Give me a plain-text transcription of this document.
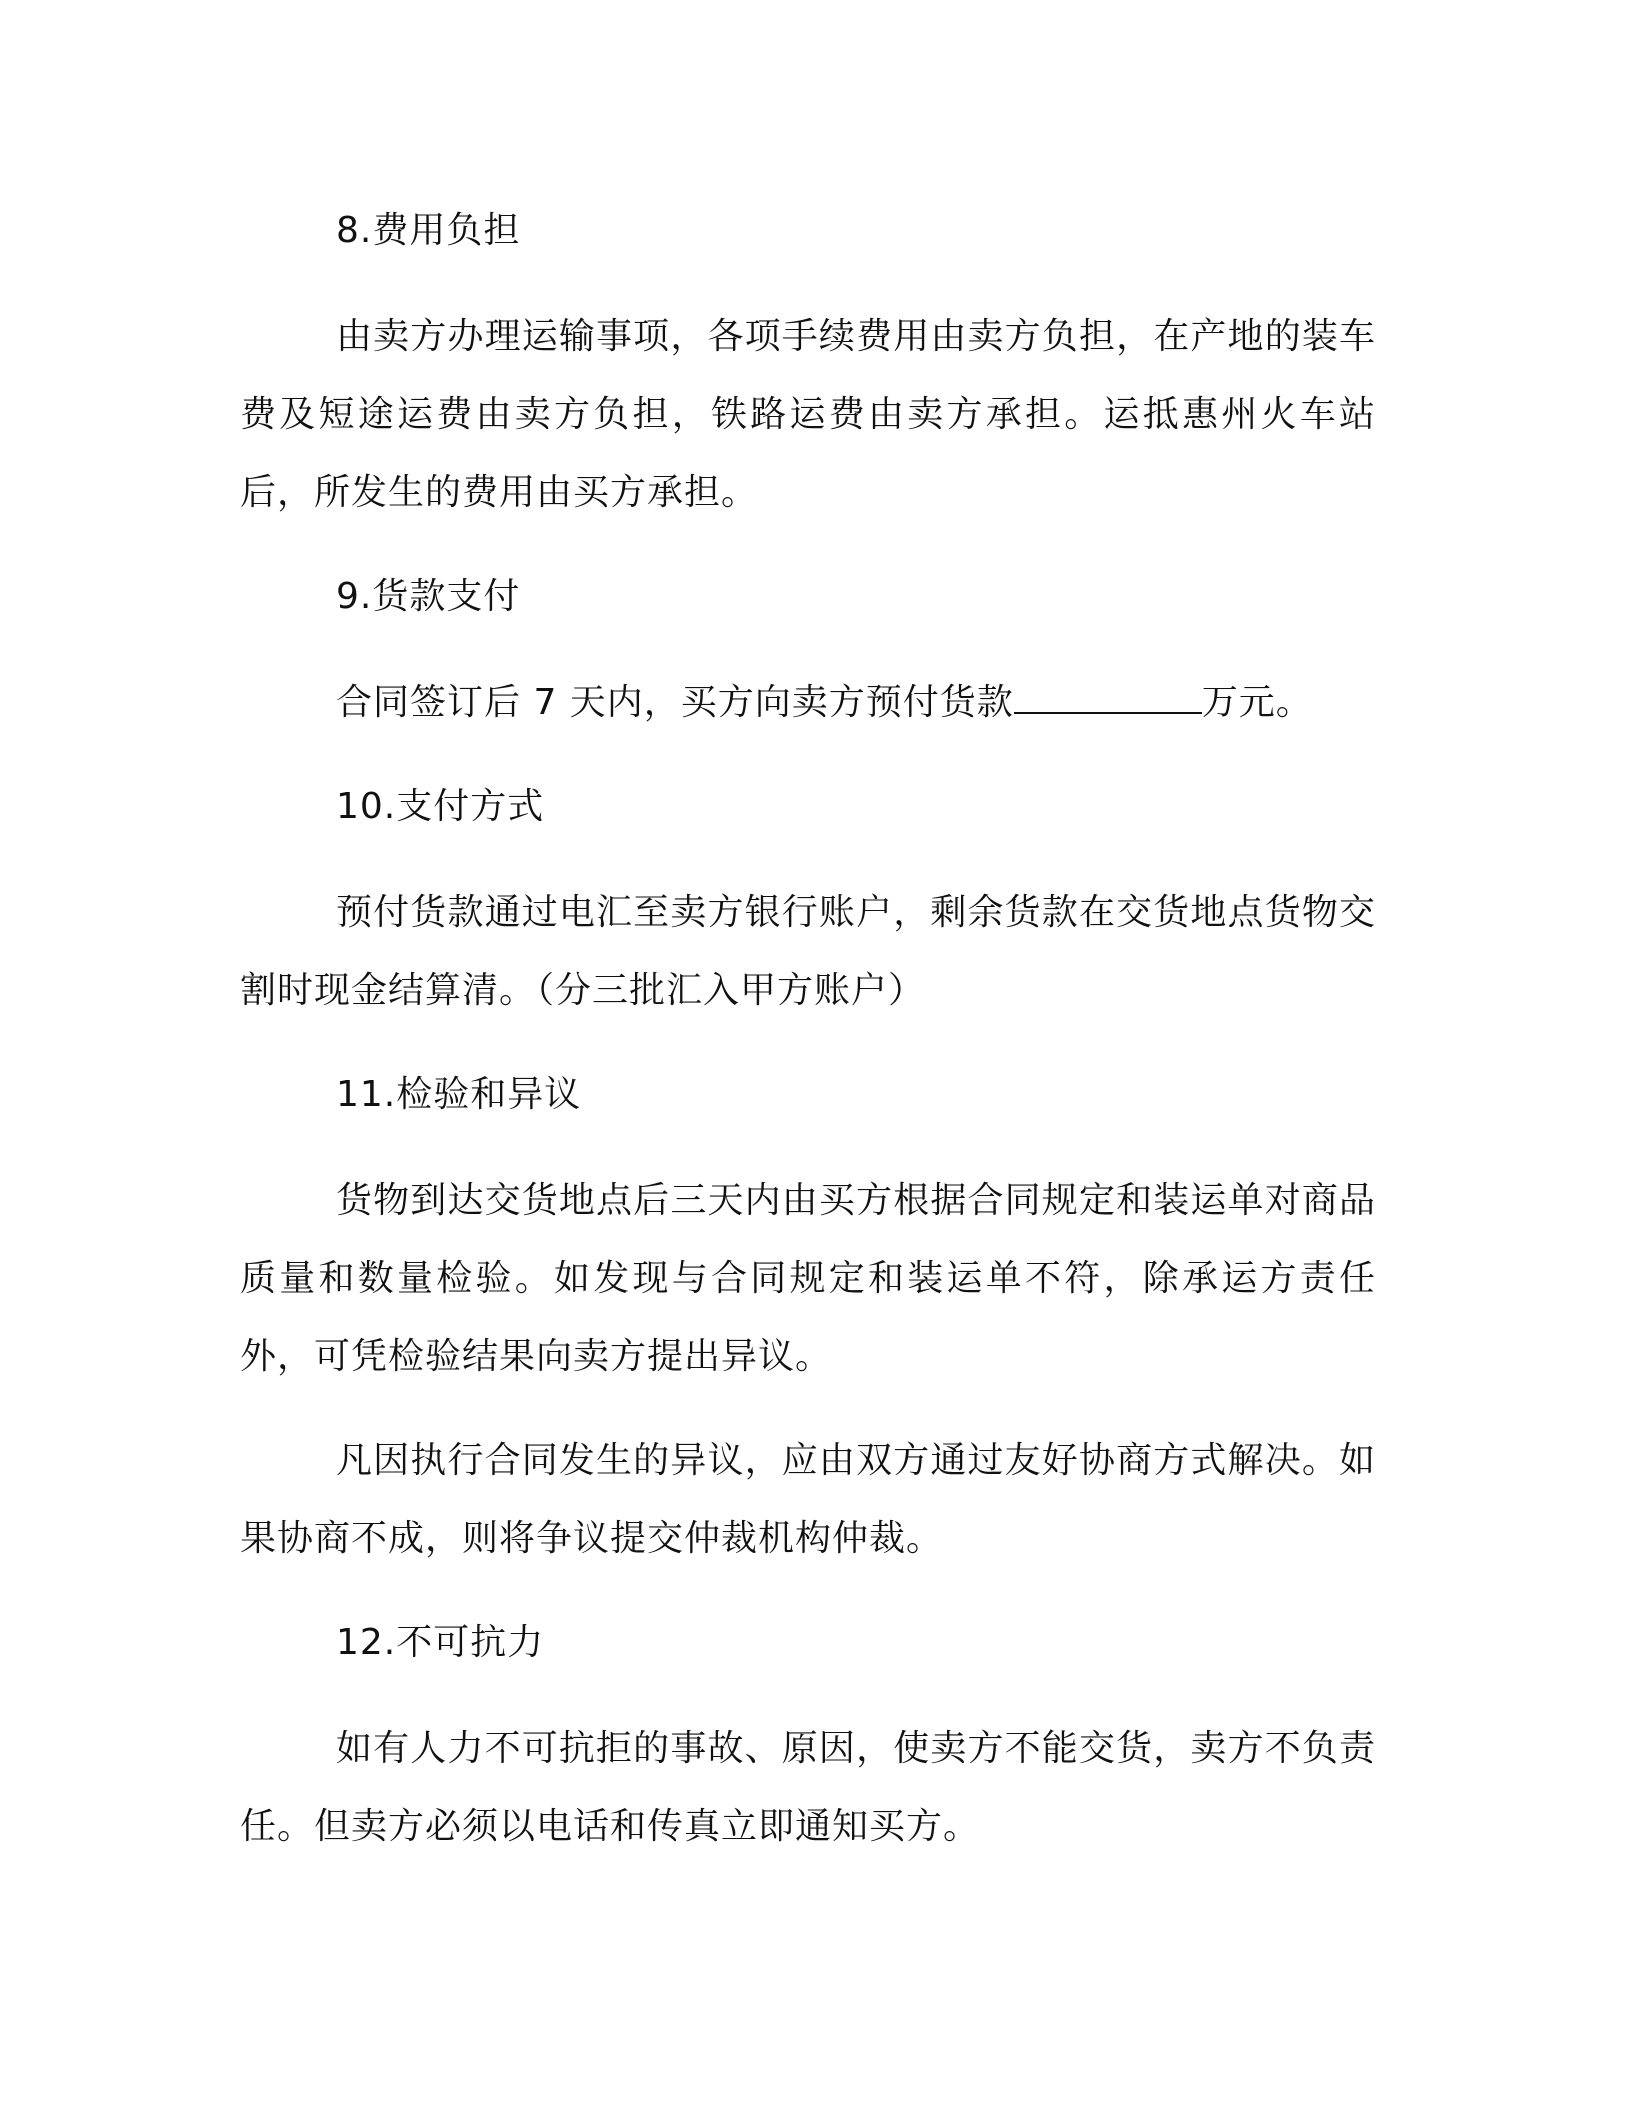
8.费用负担

由卖方办理运输事项，各项手续费用由卖方负担，在产地的装车费及短途运费由卖方负担，铁路运费由卖方承担。运抵惠州火车站后，所发生的费用由买方承担。

9.货款支付

合同签订后 7 天内，买方向卖方预付货款	万元。

10.支付方式

预付货款通过电汇至卖方银行账户，剩余货款在交货地点货物交割时现金结算清。（分三批汇入甲方账户）

11.检验和异议

货物到达交货地点后三天内由买方根据合同规定和装运单对商品质量和数量检验。如发现与合同规定和装运单不符，除承运方责任外，可凭检验结果向卖方提出异议。

凡因执行合同发生的异议，应由双方通过友好协商方式解决。如果协商不成，则将争议提交仲裁机构仲裁。

12.不可抗力

如有人力不可抗拒的事故、原因，使卖方不能交货，卖方不负责任。但卖方必须以电话和传真立即通知买方。
